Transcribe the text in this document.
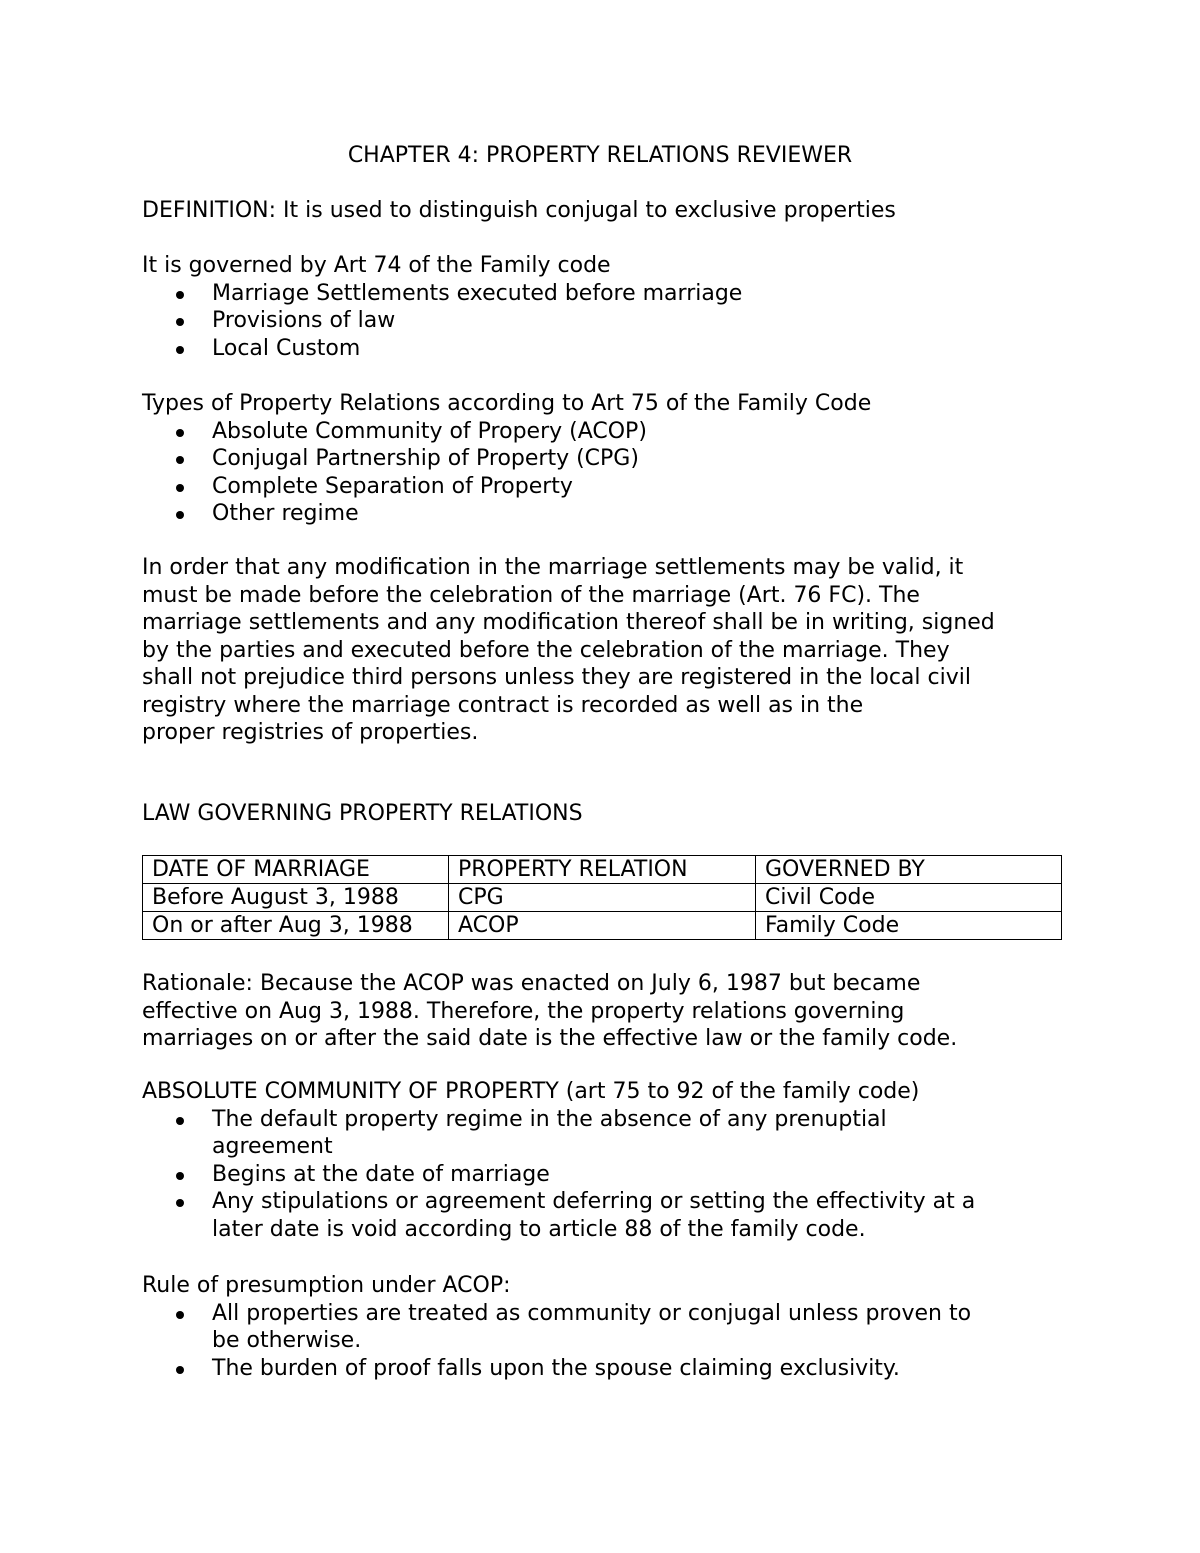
CHAPTER 4: PROPERTY RELATIONS REVIEWER
DEFINITION: It is used to distinguish conjugal to exclusive properties

It is governed by Art 74 of the Family code

Marriage Settlements executed before marriage
Provisions of law
Local Custom

Types of Property Relations according to Art 75 of the Family Code

Absolute Community of Propery (ACOP)
Conjugal Partnership of Property (CPG)
Complete Separation of Property
Other regime

In order that any modification in the marriage settlements may be valid, it

must be made before the celebration of the marriage (Art. 76 FC). The

marriage settlements and any modification thereof shall be in writing, signed

by the parties and executed before the celebration of the marriage. They

shall not prejudice third persons unless they are registered in the local civil

registry where the marriage contract is recorded as well as in the

proper registries of properties.

LAW GOVERNING PROPERTY RELATIONS
DATE OF MARRIAGE	PROPERTY RELATION	GOVERNED BY
Before August 3, 1988	CPG	Civil Code
On or after Aug 3, 1988	ACOP	Family Code

Rationale: Because the ACOP was enacted on July 6, 1987 but became

effective on Aug 3, 1988. Therefore, the property relations governing

marriages on or after the said date is the effective law or the family code.

ABSOLUTE COMMUNITY OF PROPERTY (art 75 to 92 of the family code)

The default property regime in the absence of any prenuptial
agreement
Begins at the date of marriage
Any stipulations or agreement deferring or setting the effectivity at a
later date is void according to article 88 of the family code.

Rule of presumption under ACOP:

All properties are treated as community or conjugal unless proven to
be otherwise.
The burden of proof falls upon the spouse claiming exclusivity.
